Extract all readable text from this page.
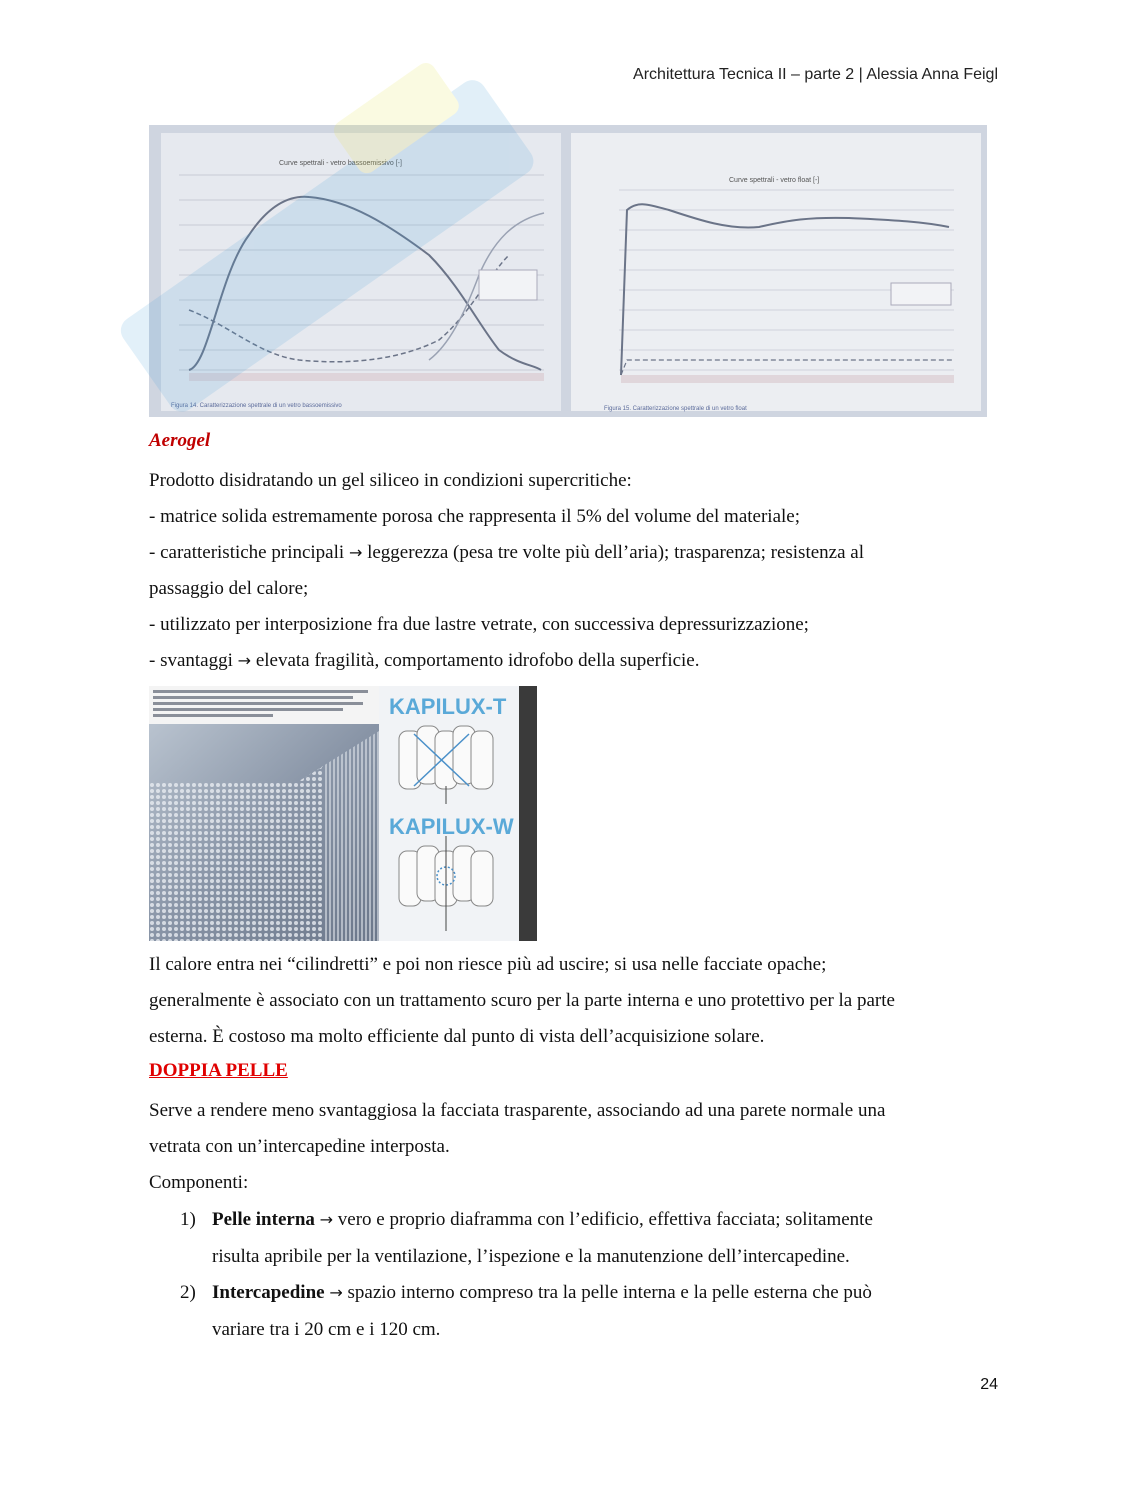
Architettura Tecnica II – parte 2 | Alessia Anna Feigl
Curve spettrali - vetro bassoemissivo [-]
Figura 14. Caratterizzazione spettrale di un vetro bassoemissivo
Curve spettrali - vetro float [-]
Figura 15. Caratterizzazione spettrale di un vetro float
Aerogel

Prodotto disidratando un gel siliceo in condizioni supercritiche:

- matrice solida estremamente porosa che rappresenta il 5% del volume del materiale;

- caratteristiche principali → leggerezza (pesa tre volte più dell’aria); trasparenza; resistenza al

passaggio del calore;

- utilizzato per interposizione fra due lastre vetrate, con successiva depressurizzazione;

- svantaggi → elevata fragilità, comportamento idrofobo della superficie.

KAPILUX-T
KAPILUX-W

Il calore entra nei “cilindretti” e poi non riesce più ad uscire; si usa nelle facciate opache;

generalmente è associato con un trattamento scuro per la parte interna e uno protettivo per la parte

esterna. È costoso ma molto efficiente dal punto di vista dell’acquisizione solare.

DOPPIA PELLE

Serve a rendere meno svantaggiosa la facciata trasparente, associando ad una parete normale una

vetrata con un’intercapedine interposta.

Componenti:

1) Pelle interna → vero e proprio diaframma con l’edificio, effettiva facciata; solitamente
risulta apribile per la ventilazione, l’ispezione e la manutenzione dell’intercapedine.
2) Intercapedine → spazio interno compreso tra la pelle interna e la pelle esterna che può
variare tra i 20 cm e i 120 cm.
24
